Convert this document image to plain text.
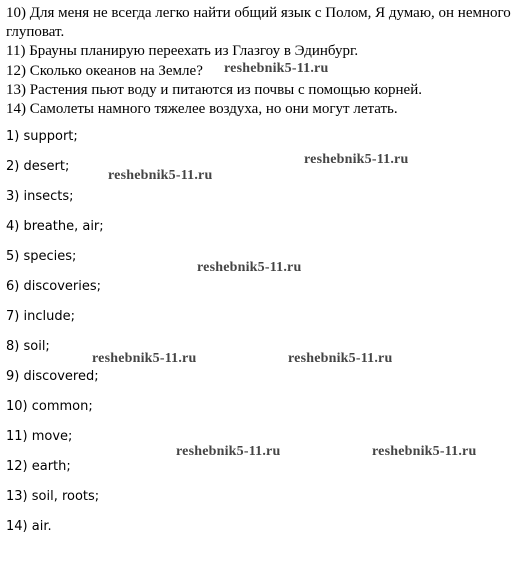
10) Для меня не всегда легко найти общий язык с Полом, Я думаю, он немного глуповат.
11) Брауны планирую переехать из Глазгоу в Эдинбург.
12) Сколько океанов на Земле?
13) Растения пьют воду и питаются из почвы с помощью корней.
14) Самолеты намного тяжелее воздуха, но они могут летать.
1) support;
2) desert;
3) insects;
4) breathe, air;
5) species;
6) discoveries;
7) include;
8) soil;
9) discovered;
10) common;
11) move;
12) earth;
13) soil, roots;
14) air.
reshebnik5-11.ru
reshebnik5-11.ru
reshebnik5-11.ru
reshebnik5-11.ru
reshebnik5-11.ru	reshebnik5-11.ru
reshebnik5-11.ru	reshebnik5-11.ru
